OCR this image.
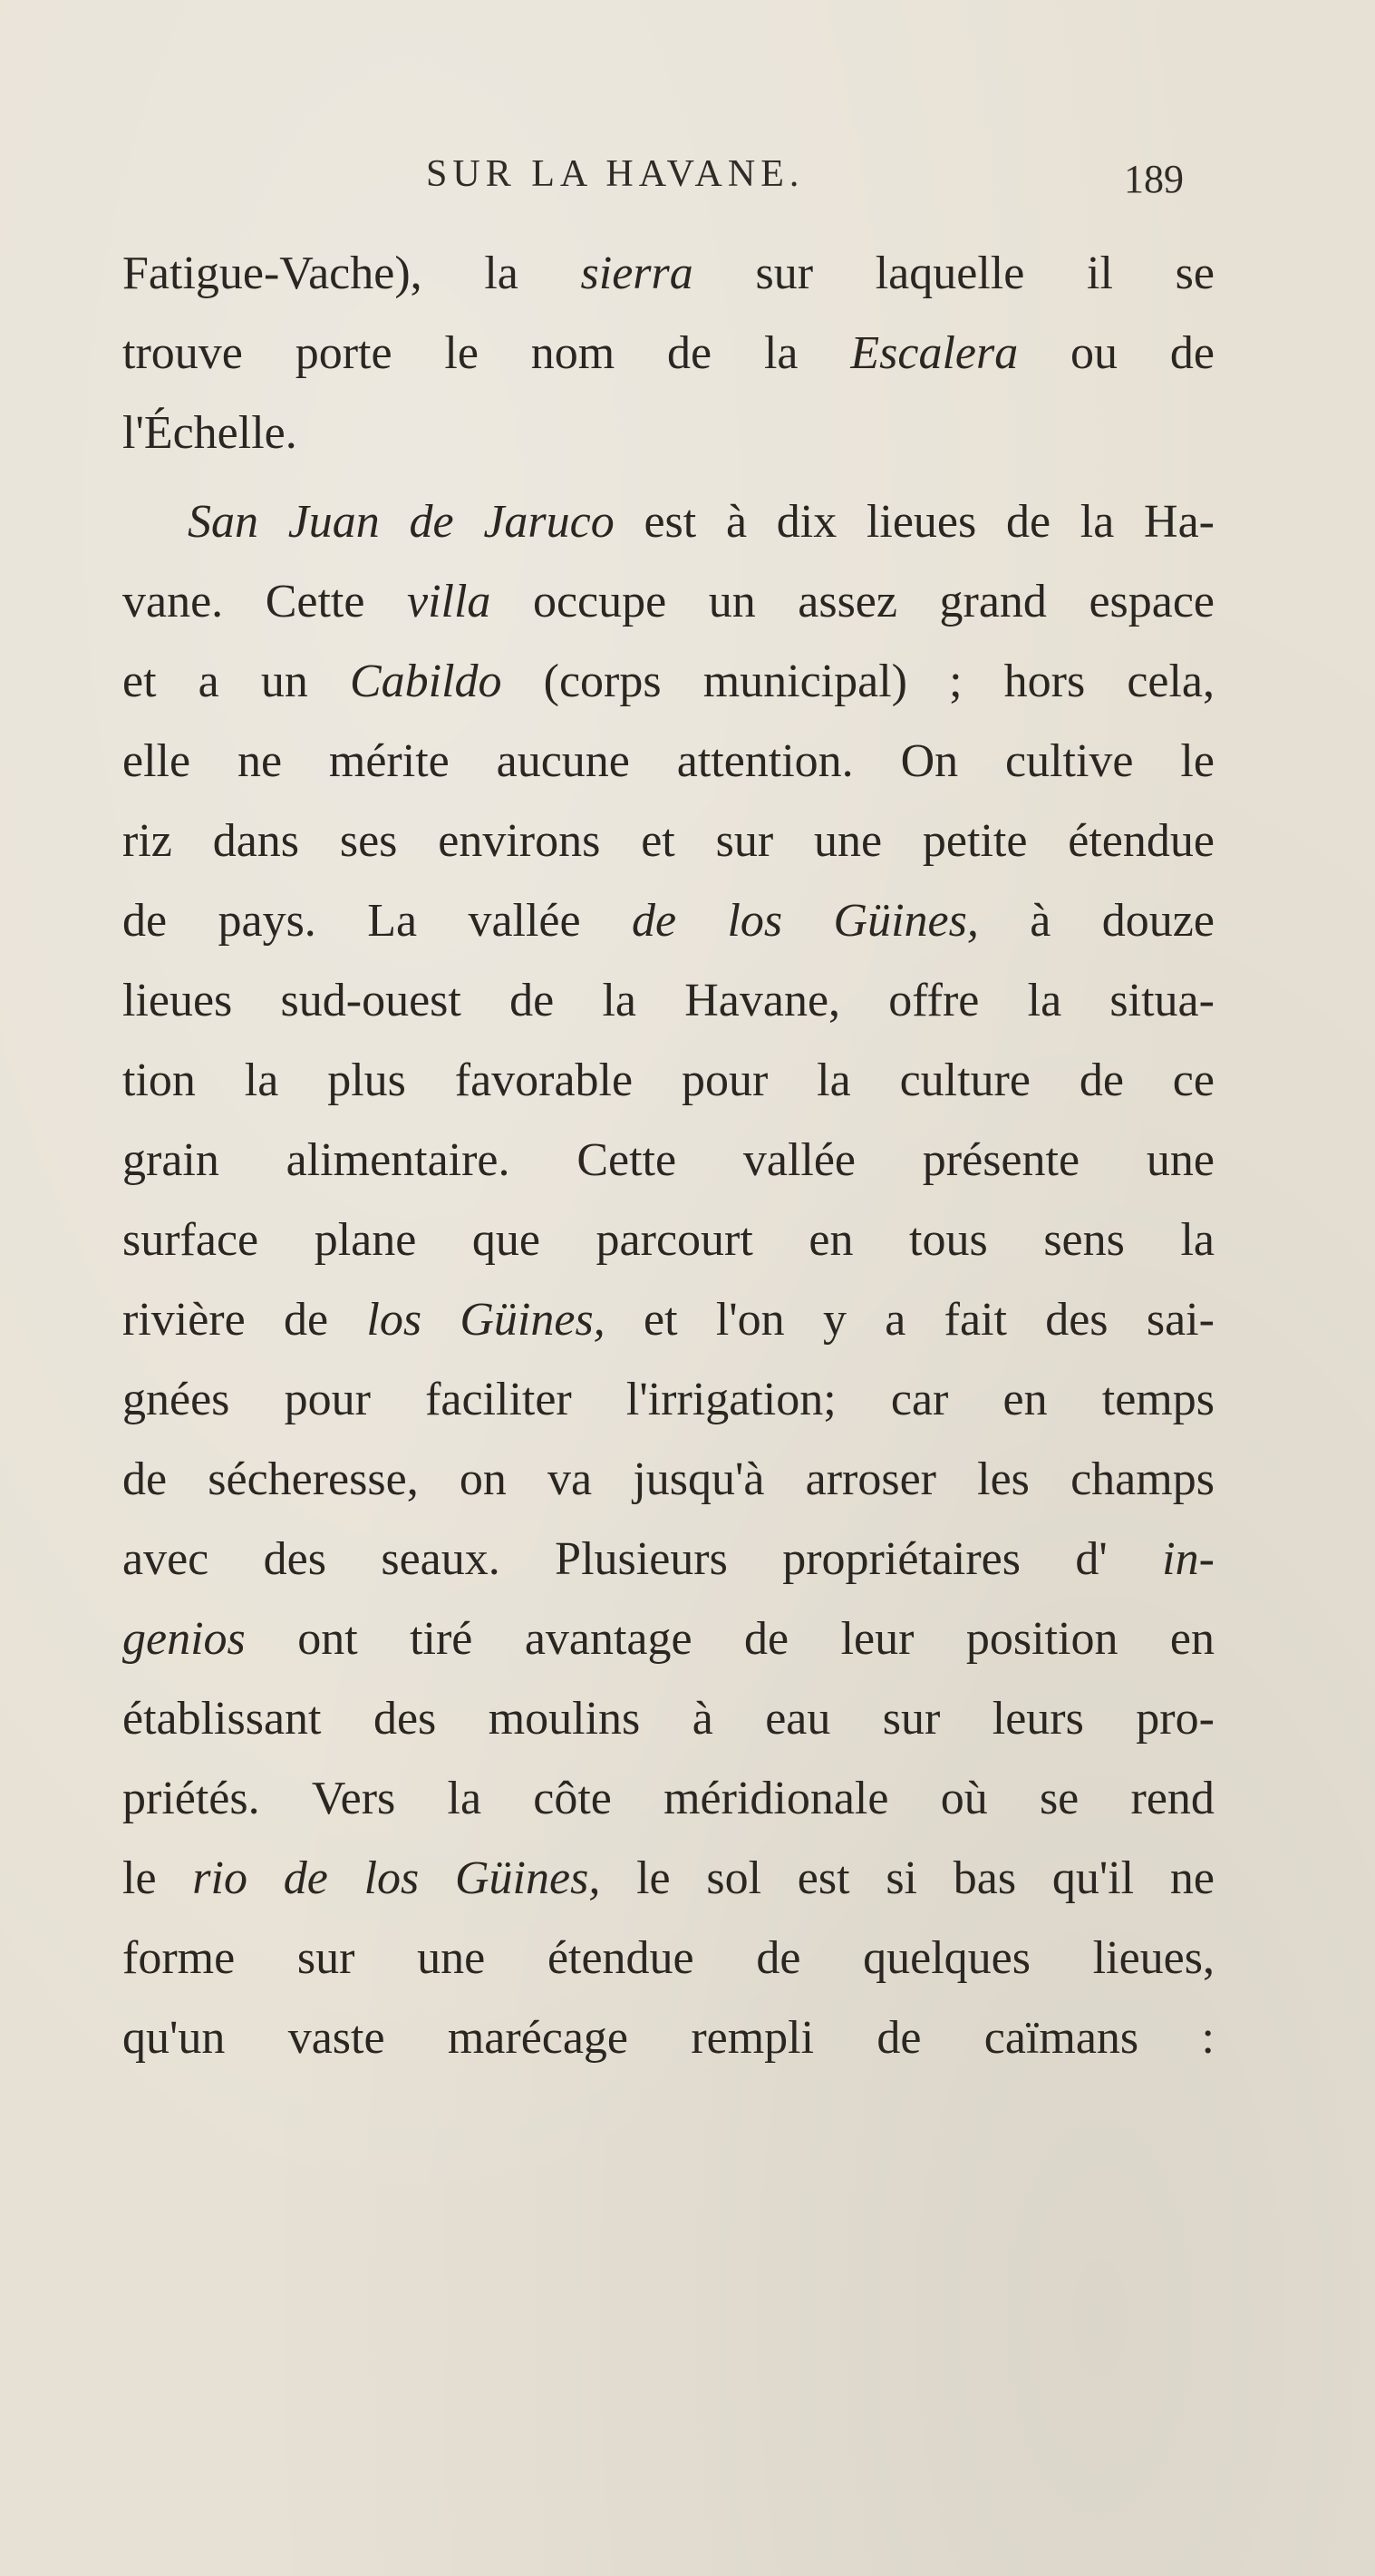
SUR LA HAVANE.	189
Fatigue-Vache), la sierra sur laquelle il se
trouve porte le nom de la Escalera ou de
l'Échelle.
San Juan de Jaruco est à dix lieues de la Ha-
vane. Cette villa occupe un assez grand espace
et a un Cabildo (corps municipal) ; hors cela,
elle ne mérite aucune attention. On cultive le
riz dans ses environs et sur une petite étendue
de pays. La vallée de los Güines, à douze
lieues sud-ouest de la Havane, offre la situa-
tion la plus favorable pour la culture de ce
grain alimentaire. Cette vallée présente une
surface plane que parcourt en tous sens la
rivière de los Güines, et l'on y a fait des sai-
gnées pour faciliter l'irrigation; car en temps
de sécheresse, on va jusqu'à arroser les champs
avec des seaux. Plusieurs propriétaires d' in-
genios ont tiré avantage de leur position en
établissant des moulins à eau sur leurs pro-
priétés. Vers la côte méridionale où se rend
le rio de los Güines, le sol est si bas qu'il ne
forme sur une étendue de quelques lieues,
qu'un vaste marécage rempli de caïmans :
